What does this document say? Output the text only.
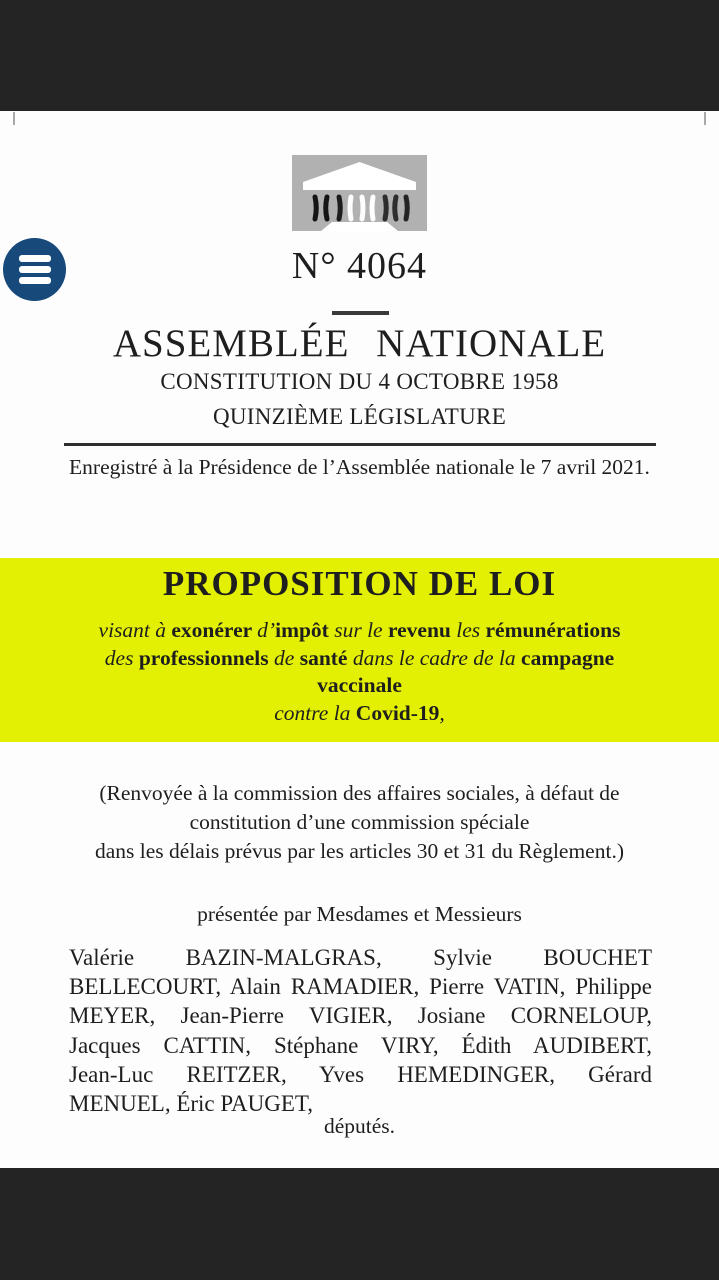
N° 4064
ASSEMBLÉE NATIONALE
CONSTITUTION DU 4 OCTOBRE 1958
QUINZIÈME LÉGISLATURE
Enregistré à la Présidence de l’Assemblée nationale le 7 avril 2021.
PROPOSITION DE LOI
visant à exonérer d’impôt sur le revenu les rémunérations
des professionnels de santé dans le cadre de la campagne
vaccinale
contre la Covid-19,
(Renvoyée à la commission des affaires sociales, à défaut de
constitution d’une commission spéciale
dans les délais prévus par les articles 30 et 31 du Règlement.)
présentée par Mesdames et Messieurs
Valérie BAZIN-MALGRAS, Sylvie BOUCHET
BELLECOURT, Alain RAMADIER, Pierre VATIN, Philippe
MEYER, Jean-Pierre VIGIER, Josiane CORNELOUP,
Jacques CATTIN, Stéphane VIRY, Édith AUDIBERT,
Jean-Luc REITZER, Yves HEMEDINGER, Gérard
MENUEL, Éric PAUGET,
députés.
